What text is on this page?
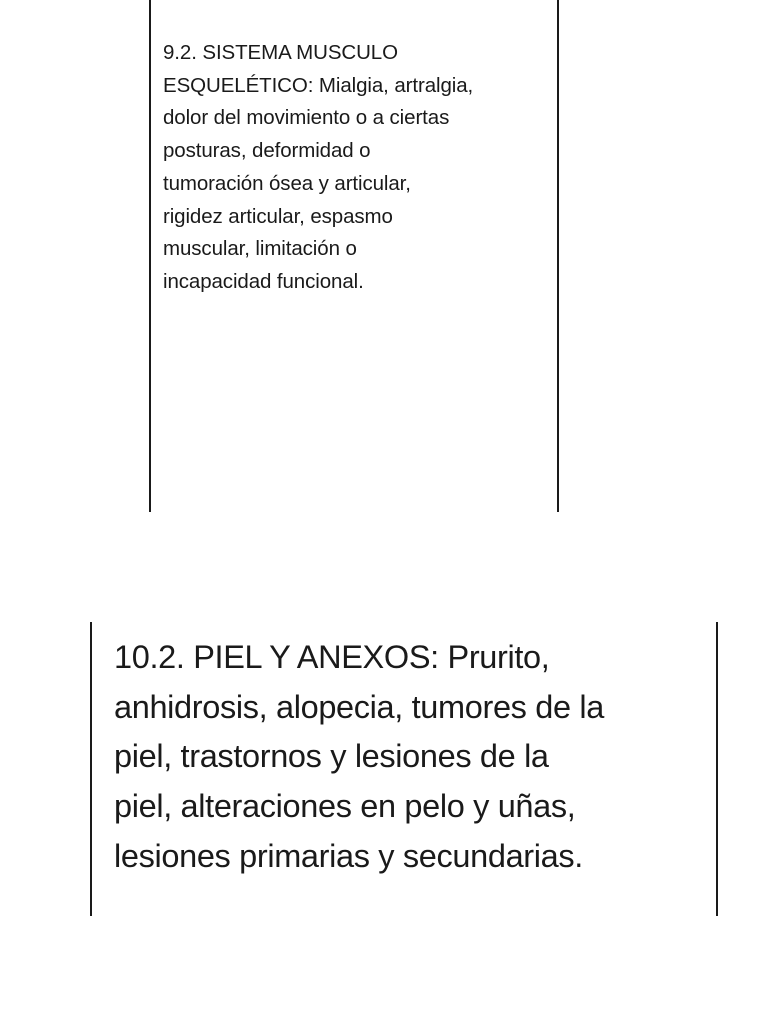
9.2. SISTEMA MUSCULO
ESQUELÉTICO: Mialgia, artralgia,
dolor del movimiento o a ciertas
posturas, deformidad o
tumoración ósea y articular,
rigidez articular, espasmo
muscular, limitación o
incapacidad funcional.
10.2. PIEL Y ANEXOS: Prurito,
anhidrosis, alopecia, tumores de la
piel, trastornos y lesiones de la
piel, alteraciones en pelo y uñas,
lesiones primarias y secundarias.
